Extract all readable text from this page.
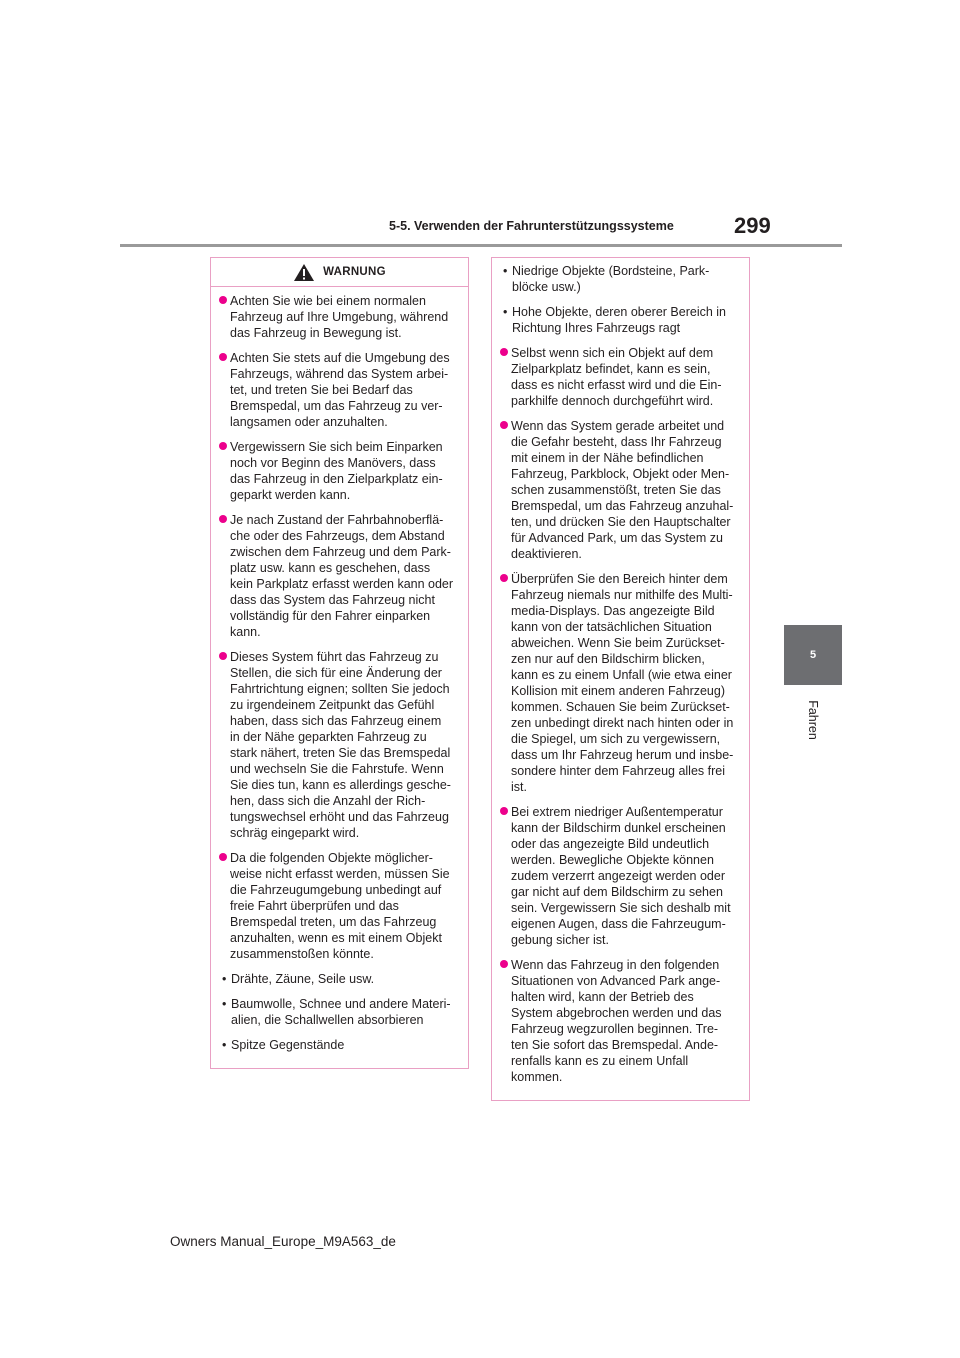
5-5. Verwenden der Fahrunterstützungssysteme	299
5
Fahren
WARNUNG
Achten Sie wie bei einem normalen
Fahrzeug auf Ihre Umgebung, während
das Fahrzeug in Bewegung ist.
Achten Sie stets auf die Umgebung des
Fahrzeugs, während das System arbei-
tet, und treten Sie bei Bedarf das
Bremspedal, um das Fahrzeug zu ver-
langsamen oder anzuhalten.
Vergewissern Sie sich beim Einparken
noch vor Beginn des Manövers, dass
das Fahrzeug in den Zielparkplatz ein-
geparkt werden kann.
Je nach Zustand der Fahrbahnoberflä-
che oder des Fahrzeugs, dem Abstand
zwischen dem Fahrzeug und dem Park-
platz usw. kann es geschehen, dass
kein Parkplatz erfasst werden kann oder
dass das System das Fahrzeug nicht
vollständig für den Fahrer einparken
kann.
Dieses System führt das Fahrzeug zu
Stellen, die sich für eine Änderung der
Fahrtrichtung eignen; sollten Sie jedoch
zu irgendeinem Zeitpunkt das Gefühl
haben, dass sich das Fahrzeug einem
in der Nähe geparkten Fahrzeug zu
stark nähert, treten Sie das Bremspedal
und wechseln Sie die Fahrstufe. Wenn
Sie dies tun, kann es allerdings gesche-
hen, dass sich die Anzahl der Rich-
tungswechsel erhöht und das Fahrzeug
schräg eingeparkt wird.
Da die folgenden Objekte möglicher-
weise nicht erfasst werden, müssen Sie
die Fahrzeugumgebung unbedingt auf
freie Fahrt überprüfen und das
Bremspedal treten, um das Fahrzeug
anzuhalten, wenn es mit einem Objekt
zusammenstoßen könnte.
• Drähte, Zäune, Seile usw.
• Baumwolle, Schnee und andere Materi-
alien, die Schallwellen absorbieren
• Spitze Gegenstände
• Niedrige Objekte (Bordsteine, Park-
blöcke usw.)
• Hohe Objekte, deren oberer Bereich in
Richtung Ihres Fahrzeugs ragt
Selbst wenn sich ein Objekt auf dem
Zielparkplatz befindet, kann es sein,
dass es nicht erfasst wird und die Ein-
parkhilfe dennoch durchgeführt wird.
Wenn das System gerade arbeitet und
die Gefahr besteht, dass Ihr Fahrzeug
mit einem in der Nähe befindlichen
Fahrzeug, Parkblock, Objekt oder Men-
schen zusammenstößt, treten Sie das
Bremspedal, um das Fahrzeug anzuhal-
ten, und drücken Sie den Hauptschalter
für Advanced Park, um das System zu
deaktivieren.
Überprüfen Sie den Bereich hinter dem
Fahrzeug niemals nur mithilfe des Multi-
media-Displays. Das angezeigte Bild
kann von der tatsächlichen Situation
abweichen. Wenn Sie beim Zurückset-
zen nur auf den Bildschirm blicken,
kann es zu einem Unfall (wie etwa einer
Kollision mit einem anderen Fahrzeug)
kommen. Schauen Sie beim Zurückset-
zen unbedingt direkt nach hinten oder in
die Spiegel, um sich zu vergewissern,
dass um Ihr Fahrzeug herum und insbe-
sondere hinter dem Fahrzeug alles frei
ist.
Bei extrem niedriger Außentemperatur
kann der Bildschirm dunkel erscheinen
oder das angezeigte Bild undeutlich
werden. Bewegliche Objekte können
zudem verzerrt angezeigt werden oder
gar nicht auf dem Bildschirm zu sehen
sein. Vergewissern Sie sich deshalb mit
eigenen Augen, dass die Fahrzeugum-
gebung sicher ist.
Wenn das Fahrzeug in den folgenden
Situationen von Advanced Park ange-
halten wird, kann der Betrieb des
System abgebrochen werden und das
Fahrzeug wegzurollen beginnen. Tre-
ten Sie sofort das Bremspedal. Ande-
renfalls kann es zu einem Unfall
kommen.
Owners Manual_Europe_M9A563_de
